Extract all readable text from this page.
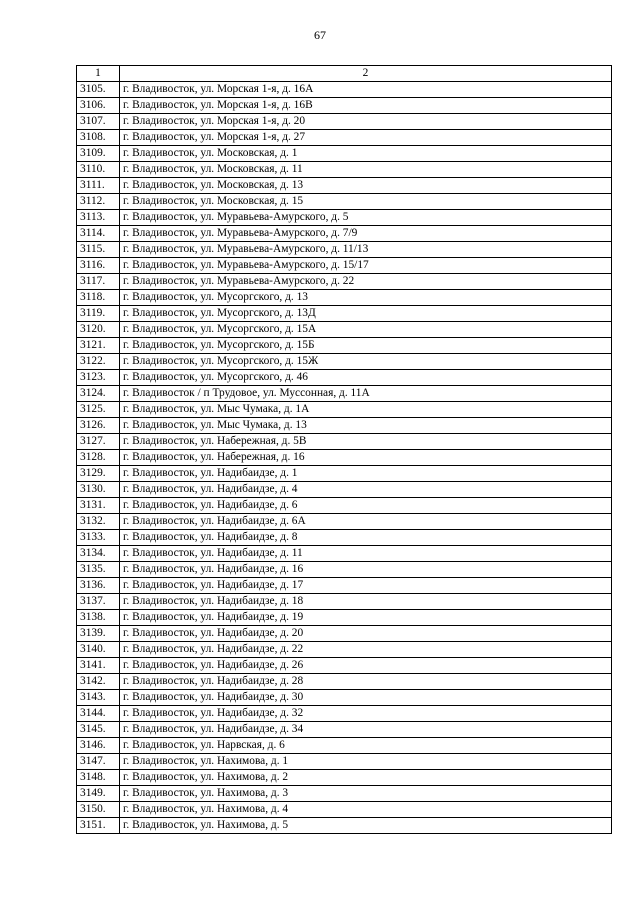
67
1	2
3105.	г. Владивосток, ул. Морская 1-я, д. 16А
3106.	г. Владивосток, ул. Морская 1-я, д. 16В
3107.	г. Владивосток, ул. Морская 1-я, д. 20
3108.	г. Владивосток, ул. Морская 1-я, д. 27
3109.	г. Владивосток, ул. Московская, д. 1
3110.	г. Владивосток, ул. Московская, д. 11
3111.	г. Владивосток, ул. Московская, д. 13
3112.	г. Владивосток, ул. Московская, д. 15
3113.	г. Владивосток, ул. Муравьева-Амурского, д. 5
3114.	г. Владивосток, ул. Муравьева-Амурского, д. 7/9
3115.	г. Владивосток, ул. Муравьева-Амурского, д. 11/13
3116.	г. Владивосток, ул. Муравьева-Амурского, д. 15/17
3117.	г. Владивосток, ул. Муравьева-Амурского, д. 22
3118.	г. Владивосток, ул. Мусоргского, д. 13
3119.	г. Владивосток, ул. Мусоргского, д. 13Д
3120.	г. Владивосток, ул. Мусоргского, д. 15А
3121.	г. Владивосток, ул. Мусоргского, д. 15Б
3122.	г. Владивосток, ул. Мусоргского, д. 15Ж
3123.	г. Владивосток, ул. Мусоргского, д. 46
3124.	г. Владивосток / п Трудовое, ул. Муссонная, д. 11А
3125.	г. Владивосток, ул. Мыс Чумака, д. 1А
3126.	г. Владивосток, ул. Мыс Чумака, д. 13
3127.	г. Владивосток, ул. Набережная, д. 5В
3128.	г. Владивосток, ул. Набережная, д. 16
3129.	г. Владивосток, ул. Надибаидзе, д. 1
3130.	г. Владивосток, ул. Надибаидзе, д. 4
3131.	г. Владивосток, ул. Надибаидзе, д. 6
3132.	г. Владивосток, ул. Надибаидзе, д. 6А
3133.	г. Владивосток, ул. Надибаидзе, д. 8
3134.	г. Владивосток, ул. Надибаидзе, д. 11
3135.	г. Владивосток, ул. Надибаидзе, д. 16
3136.	г. Владивосток, ул. Надибаидзе, д. 17
3137.	г. Владивосток, ул. Надибаидзе, д. 18
3138.	г. Владивосток, ул. Надибаидзе, д. 19
3139.	г. Владивосток, ул. Надибаидзе, д. 20
3140.	г. Владивосток, ул. Надибаидзе, д. 22
3141.	г. Владивосток, ул. Надибаидзе, д. 26
3142.	г. Владивосток, ул. Надибаидзе, д. 28
3143.	г. Владивосток, ул. Надибаидзе, д. 30
3144.	г. Владивосток, ул. Надибаидзе, д. 32
3145.	г. Владивосток, ул. Надибаидзе, д. 34
3146.	г. Владивосток, ул. Нарвская, д. 6
3147.	г. Владивосток, ул. Нахимова, д. 1
3148.	г. Владивосток, ул. Нахимова, д. 2
3149.	г. Владивосток, ул. Нахимова, д. 3
3150.	г. Владивосток, ул. Нахимова, д. 4
3151.	г. Владивосток, ул. Нахимова, д. 5
